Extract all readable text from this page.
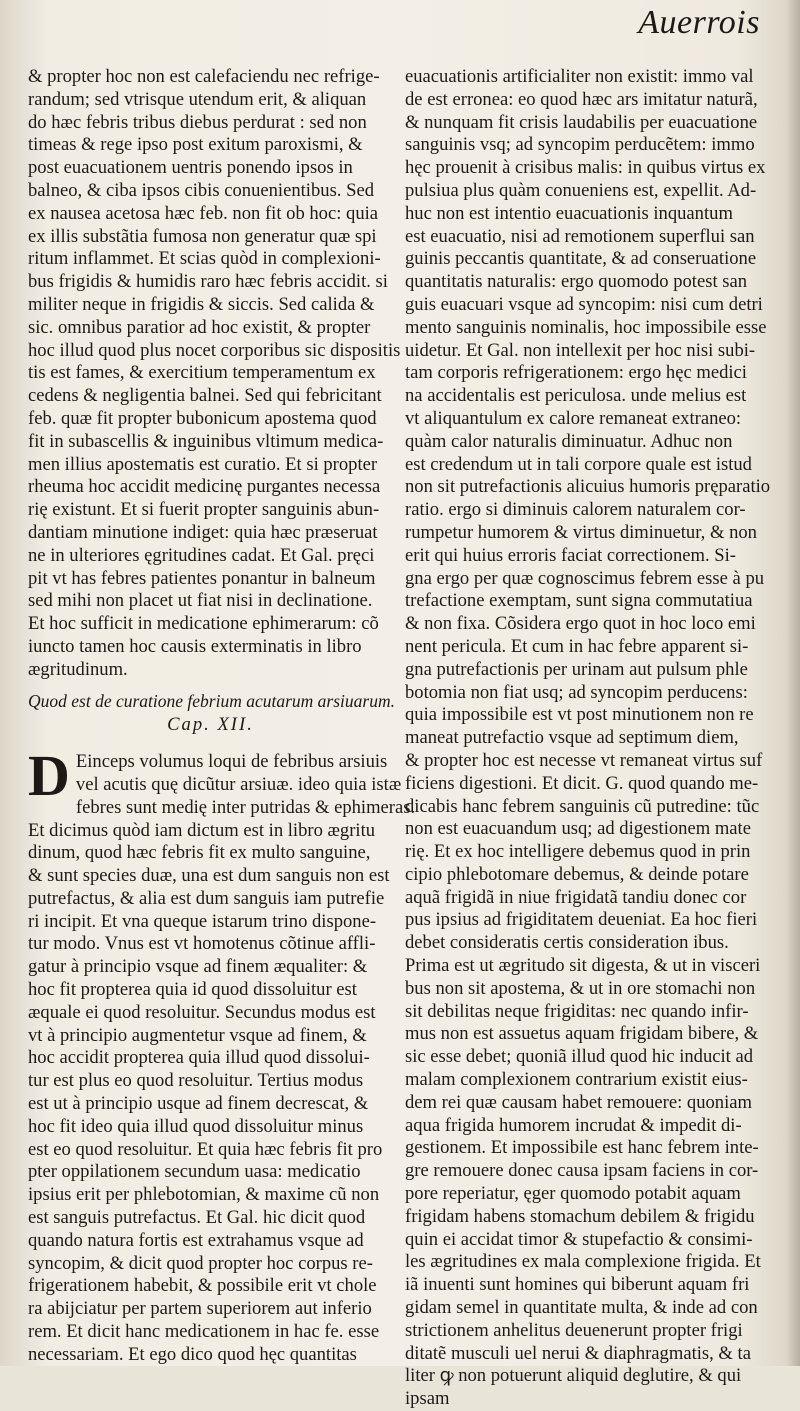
Auerrois
& propter hoc non est calefaciendu nec refrige-
randum; sed vtrisque utendum erit, & aliquan
do hæc febris tribus diebus perdurat : sed non
timeas & rege ipso post exitum paroxismi, &
post euacuationem uentris ponendo ipsos in
balneo, & ciba ipsos cibis conuenientibus. Sed
ex nausea acetosa hæc feb. non fit ob hoc: quia
ex illis substãtia fumosa non generatur quæ spi
ritum inflammet. Et scias quòd in complexioni-
bus frigidis & humidis raro hæc febris accidit. si
militer neque in frigidis & siccis. Sed calida &
sic. omnibus paratior ad hoc existit, & propter
hoc illud quod plus nocet corporibus sic dispositis
tis est fames, & exercitium temperamentum ex
cedens & negligentia balnei. Sed qui febricitant
feb. quæ fit propter bubonicum apostema quod
fit in subascellis & inguinibus vltimum medica-
men illius apostematis est curatio. Et si propter
rheuma hoc accidit medicinę purgantes necessa
rię existunt. Et si fuerit propter sanguinis abun-
dantiam minutione indiget: quia hæc præseruat
ne in ulteriores ęgritudines cadat. Et Gal. pręci
pit vt has febres patientes ponantur in balneum
sed mihi non placet ut fiat nisi in declinatione.
Et hoc sufficit in medicatione ephimerarum: cõ
iuncto tamen hoc causis exterminatis in libro
ægritudinum.
Quod est de curatione febrium acutarum arsiuarum.
Cap. XII.
D Einceps volumus loqui de febribus arsiuis
vel acutis quę dicũtur arsiuæ. ideo quia istæ
febres sunt medię inter putridas & ephimeras.
Et dicimus quòd iam dictum est in libro ægritu
dinum, quod hæc febris fit ex multo sanguine,
& sunt species duæ, una est dum sanguis non est
putrefactus, & alia est dum sanguis iam putrefie
ri incipit. Et vna queque istarum trino dispone-
tur modo. Vnus est vt homotenus cõtinue affli-
gatur à principio vsque ad finem æqualiter: &
hoc fit propterea quia id quod dissoluitur est
æquale ei quod resoluitur. Secundus modus est
vt à principio augmentetur vsque ad finem, &
hoc accidit propterea quia illud quod dissolui-
tur est plus eo quod resoluitur. Tertius modus
est ut à principio usque ad finem decrescat, &
hoc fit ideo quia illud quod dissoluitur minus
est eo quod resoluitur. Et quia hæc febris fit pro
pter oppilationem secundum uasa: medicatio
ipsius erit per phlebotomian, & maxime cũ non
est sanguis putrefactus. Et Gal. hic dicit quod
quando natura fortis est extrahamus vsque ad
syncopim, & dicit quod propter hoc corpus re-
frigerationem habebit, & possibile erit vt chole
ra abijciatur per partem superiorem aut inferio
rem. Et dicit hanc medicationem in hac fe. esse
necessariam. Et ego dico quod hęc quantitas
euacuationis artificialiter non existit: immo val
de est erronea: eo quod hæc ars imitatur naturã,
& nunquam fit crisis laudabilis per euacuatione
sanguinis vsq; ad syncopim perducẽtem: immo
hęc prouenit à crisibus malis: in quibus virtus ex
pulsiua plus quàm conueniens est, expellit. Ad-
huc non est intentio euacuationis inquantum
est euacuatio, nisi ad remotionem superflui san
guinis peccantis quantitate, & ad conseruatione
quantitatis naturalis: ergo quomodo potest san
guis euacuari vsque ad syncopim: nisi cum detri
mento sanguinis nominalis, hoc impossibile esse
uidetur. Et Gal. non intellexit per hoc nisi subi-
tam corporis refrigerationem: ergo hęc medici
na accidentalis est periculosa. unde melius est
vt aliquantulum ex calore remaneat extraneo:
quàm calor naturalis diminuatur. Adhuc non
est credendum ut in tali corpore quale est istud
non sit putrefactionis alicuius humoris pręparatio
ratio. ergo si diminuis calorem naturalem cor-
rumpetur humorem & virtus diminuetur, & non
erit qui huius erroris faciat correctionem. Si-
gna ergo per quæ cognoscimus febrem esse à pu
trefactione exemptam, sunt signa commutatiua
& non fixa. Cõsidera ergo quot in hoc loco emi
nent pericula. Et cum in hac febre apparent si-
gna putrefactionis per urinam aut pulsum phle
botomia non fiat usq; ad syncopim perducens:
quia impossibile est vt post minutionem non re
maneat putrefactio vsque ad septimum diem,
& propter hoc est necesse vt remaneat virtus suf
ficiens digestioni. Et dicit. G. quod quando me-
dicabis hanc febrem sanguinis cũ putredine: tũc
non est euacuandum usq; ad digestionem mate
rię. Et ex hoc intelligere debemus quod in prin
cipio phlebotomare debemus, & deinde potare
aquã frigidã in niue frigidatã tandiu donec cor
pus ipsius ad frigiditatem deueniat. Ea hoc fieri
debet consideratis certis consideration ibus.
Prima est ut ægritudo sit digesta, & ut in visceri
bus non sit apostema, & ut in ore stomachi non
sit debilitas neque frigiditas: nec quando infir-
mus non est assuetus aquam frigidam bibere, &
sic esse debet; quoniã illud quod hic inducit ad
malam complexionem contrarium existit eius-
dem rei quæ causam habet remouere: quoniam
aqua frigida humorem incrudat & impedit di-
gestionem. Et impossibile est hanc febrem inte-
gre remouere donec causa ipsam faciens in cor-
pore reperiatur, ęger quomodo potabit aquam
frigidam habens stomachum debilem & frigidu
quin ei accidat timor & stupefactio & consimi-
les ægritudines ex mala complexione frigida. Et
iã inuenti sunt homines qui biberunt aquam fri
gidam semel in quantitate multa, & inde ad con
strictionem anhelitus deuenerunt propter frigi
ditatẽ musculi uel nerui & diaphragmatis, & ta
liter ꝙ non potuerunt aliquid deglutire, & qui
ipsam
